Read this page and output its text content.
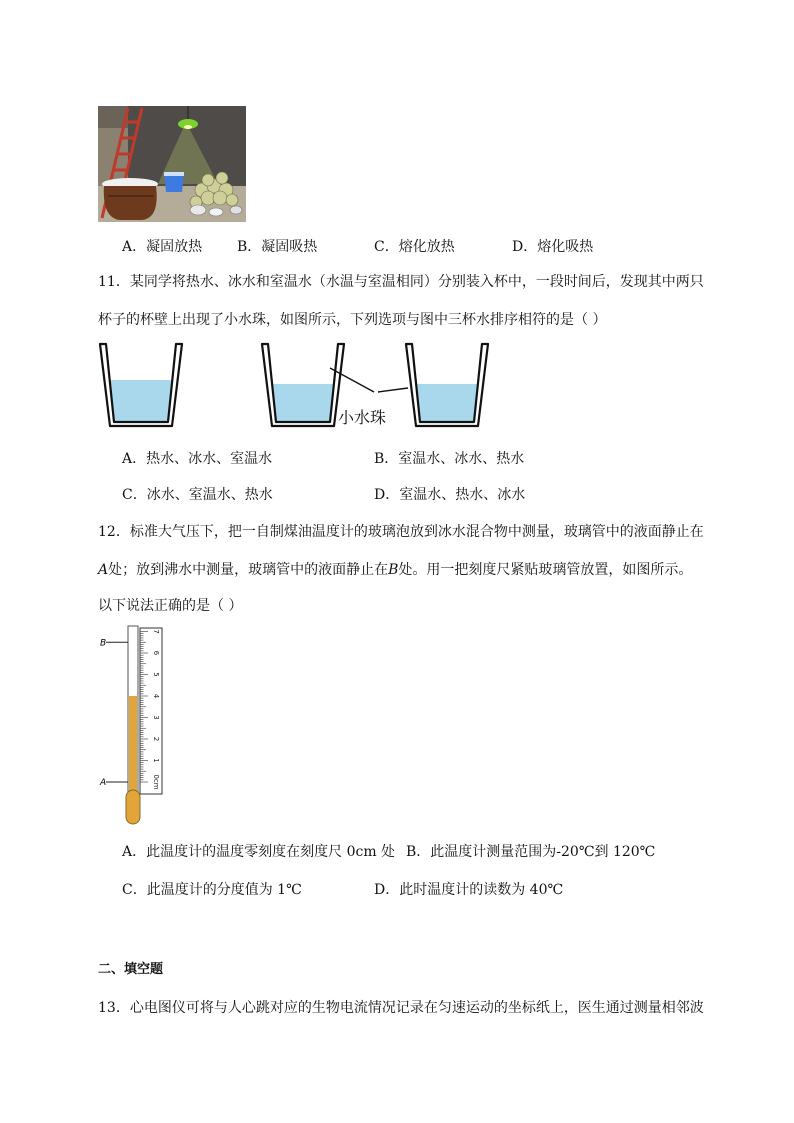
A．凝固放热 B．凝固吸热	C．熔化放热	D．熔化吸热
11．某同学将热水、冰水和室温水（水温与室温相同）分别装入杯中，一段时间后，发现其中两只
杯子的杯壁上出现了小水珠，如图所示，下列选项与图中三杯水排序相符的是（ ）
小水珠
A．热水、冰水、室温水	B．室温水、冰水、热水
C．冰水、室温水、热水	D．室温水、热水、冰水
12．标准大气压下，把一自制煤油温度计的玻璃泡放到冰水混合物中测量，玻璃管中的液面静止在
A处；放到沸水中测量，玻璃管中的液面静止在B处。用一把刻度尺紧贴玻璃管放置，如图所示。
以下说法正确的是（ ）
0cm
1
2
3
4
5
6
7
B
A
A．此温度计的温度零刻度在刻度尺 0cm 处 B．此温度计测量范围为-20℃到 120℃
C．此温度计的分度值为 1℃	D．此时温度计的读数为 40℃
二、填空题
13．心电图仪可将与人心跳对应的生物电流情况记录在匀速运动的坐标纸上，医生通过测量相邻波
